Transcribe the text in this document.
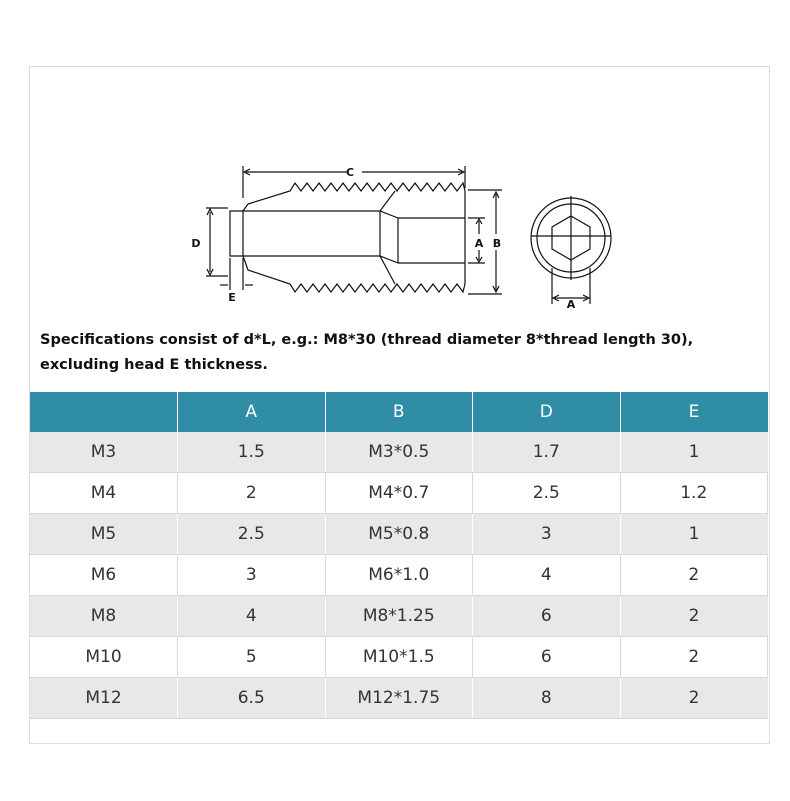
C
D
E
A B
A
Specifications consist of d*L, e.g.: M8*30 (thread diameter 8*thread length 30), excluding head E thickness.
	A	B	D	E
M3	1.5	M3*0.5	1.7	1
M4	2	M4*0.7	2.5	1.2
M5	2.5	M5*0.8	3	1
M6	3	M6*1.0	4	2
M8	4	M8*1.25	6	2
M10	5	M10*1.5	6	2
M12	6.5	M12*1.75	8	2
